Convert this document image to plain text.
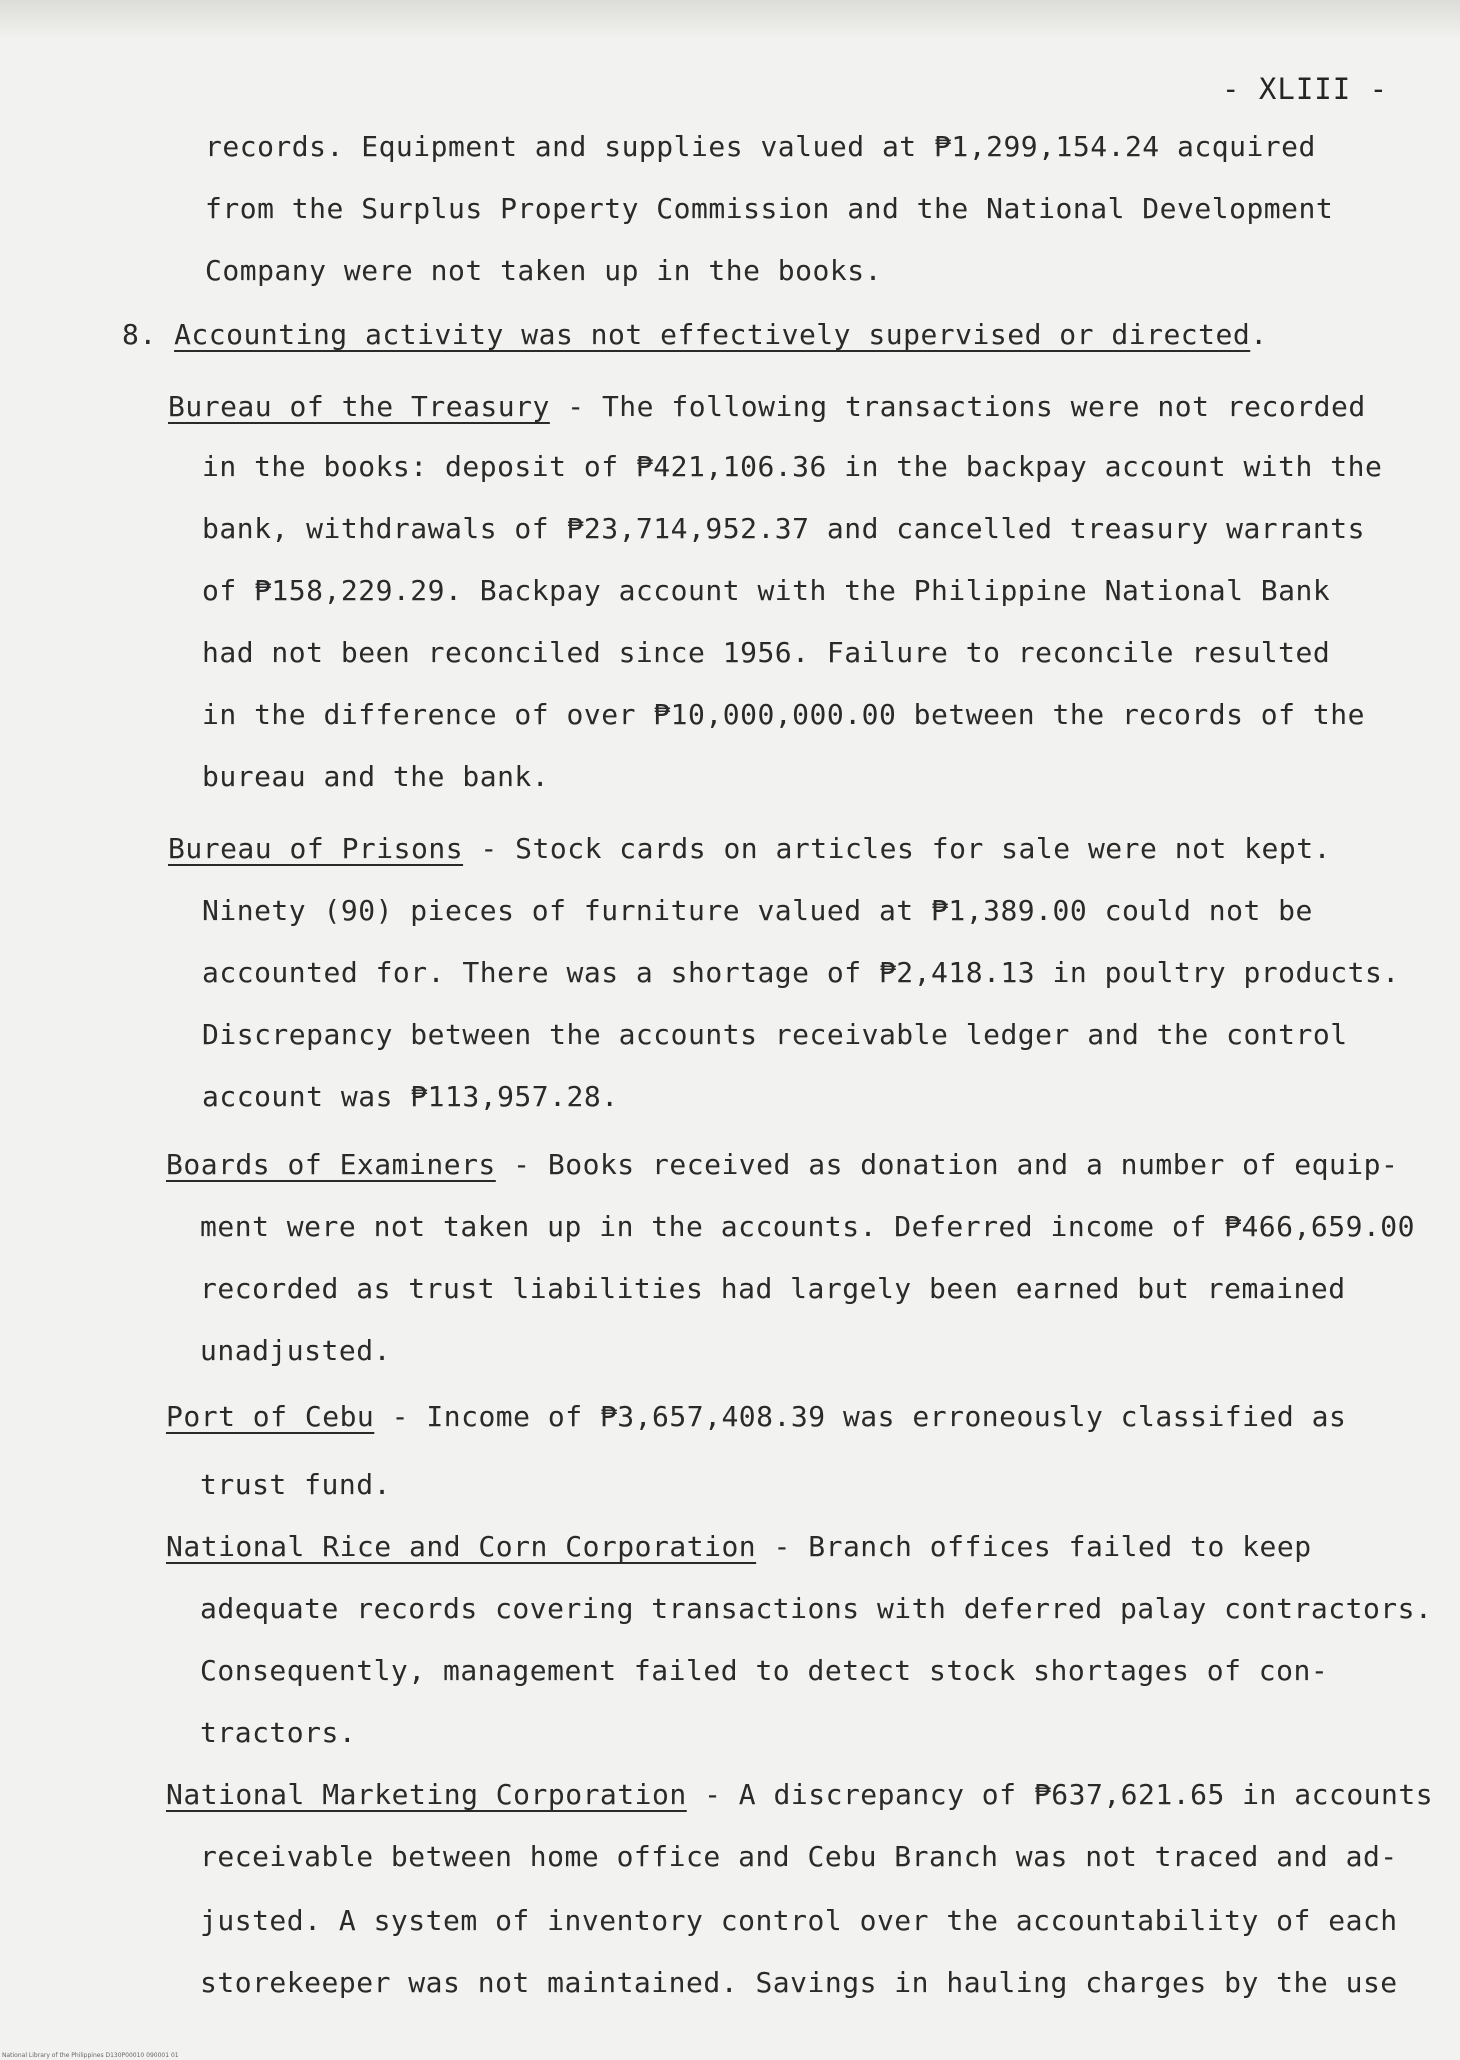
- XLIII -
records. Equipment and supplies valued at ₱1,299,154.24 acquired
from the Surplus Property Commission and the National Development
Company were not taken up in the books.
8. Accounting activity was not effectively supervised or directed.
Bureau of the Treasury - The following transactions were not recorded
in the books: deposit of ₱421,106.36 in the backpay account with the
bank, withdrawals of ₱23,714,952.37 and cancelled treasury warrants
of ₱158,229.29. Backpay account with the Philippine National Bank
had not been reconciled since 1956. Failure to reconcile resulted
in the difference of over ₱10,000,000.00 between the records of the
bureau and the bank.
Bureau of Prisons - Stock cards on articles for sale were not kept.
Ninety (90) pieces of furniture valued at ₱1,389.00 could not be
accounted for. There was a shortage of ₱2,418.13 in poultry products.
Discrepancy between the accounts receivable ledger and the control
account was ₱113,957.28.
Boards of Examiners - Books received as donation and a number of equip-
ment were not taken up in the accounts. Deferred income of ₱466,659.00
recorded as trust liabilities had largely been earned but remained
unadjusted.
Port of Cebu - Income of ₱3,657,408.39 was erroneously classified as
trust fund.
National Rice and Corn Corporation - Branch offices failed to keep
adequate records covering transactions with deferred palay contractors.
Consequently, management failed to detect stock shortages of con-
tractors.
National Marketing Corporation - A discrepancy of ₱637,621.65 in accounts
receivable between home office and Cebu Branch was not traced and ad-
justed. A system of inventory control over the accountability of each
storekeeper was not maintained. Savings in hauling charges by the use
National Library of the Philippines D130P00010 090001 01
